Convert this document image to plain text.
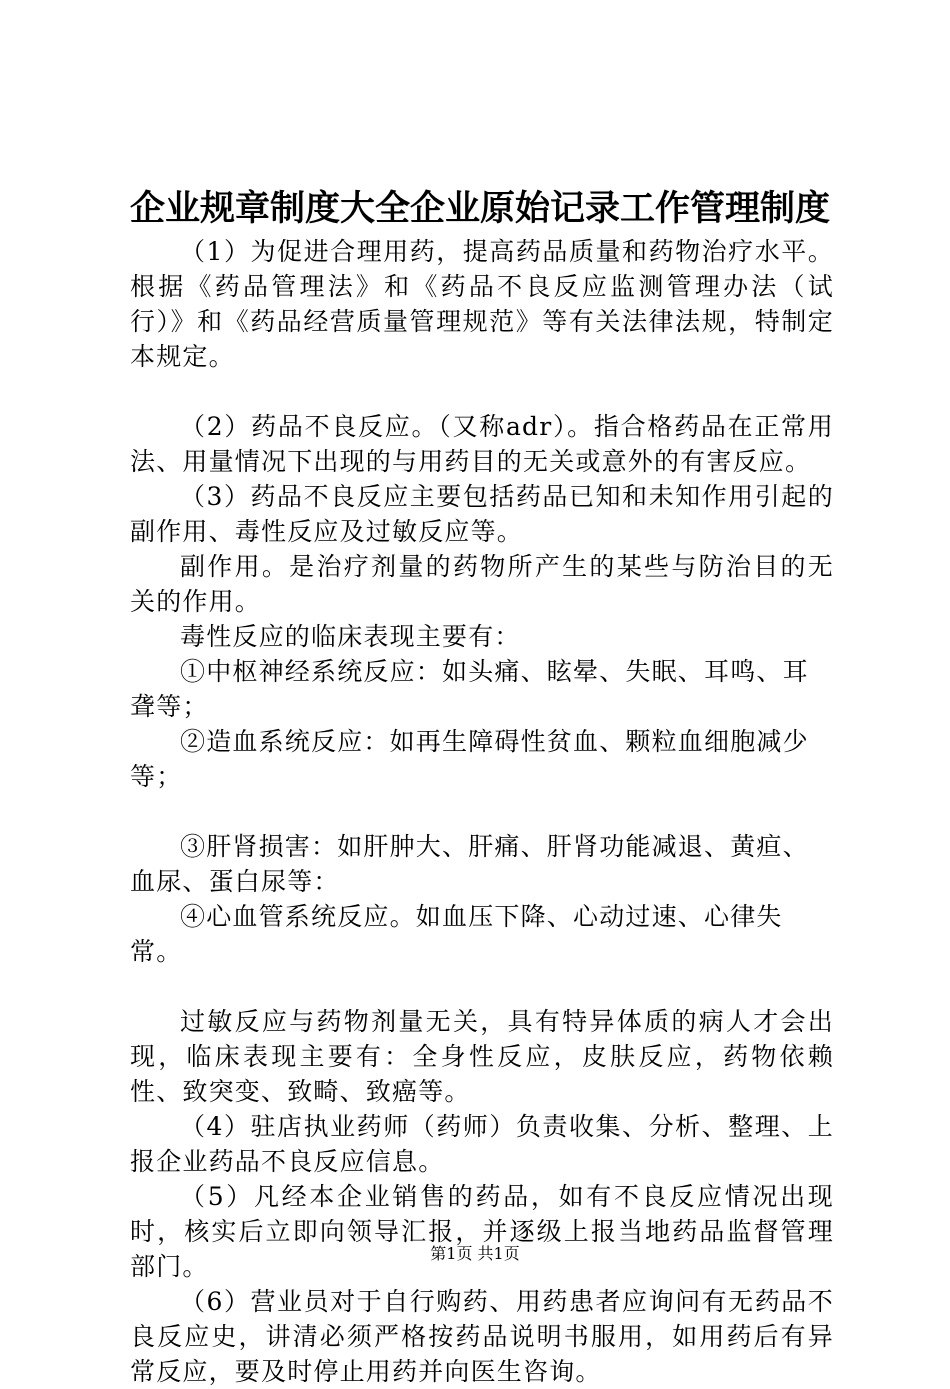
企业规章制度大全企业原始记录工作管理制度

（1）为促进合理用药，提高药品质量和药物治疗水平。根据《药品管理法》和《药品不良反应监测管理办法（试行）》和《药品经营质量管理规范》等有关法律法规，特制定本规定。

（2）药品不良反应。（又称adr）。指合格药品在正常用法、用量情况下出现的与用药目的无关或意外的有害反应。

（3）药品不良反应主要包括药品已知和未知作用引起的副作用、毒性反应及过敏反应等。

副作用。是治疗剂量的药物所产生的某些与防治目的无关的作用。

毒性反应的临床表现主要有：

①中枢神经系统反应：如头痛、眩晕、失眠、耳鸣、耳聋等；

②造血系统反应：如再生障碍性贫血、颗粒血细胞减少等；

③肝肾损害：如肝肿大、肝痛、肝肾功能减退、黄疸、血尿、蛋白尿等：

④心血管系统反应。如血压下降、心动过速、心律失常。

过敏反应与药物剂量无关，具有特异体质的病人才会出现，临床表现主要有：全身性反应，皮肤反应，药物依赖性、致突变、致畸、致癌等。

（4）驻店执业药师（药师）负责收集、分析、整理、上报企业药品不良反应信息。

（5）凡经本企业销售的药品，如有不良反应情况出现时，核实后立即向领导汇报，并逐级上报当地药品监督管理部门。

（6）营业员对于自行购药、用药患者应询问有无药品不良反应史，讲清必须严格按药品说明书服用，如用药后有异常反应，要及时停止用药并向医生咨询。

第1页 共1页
